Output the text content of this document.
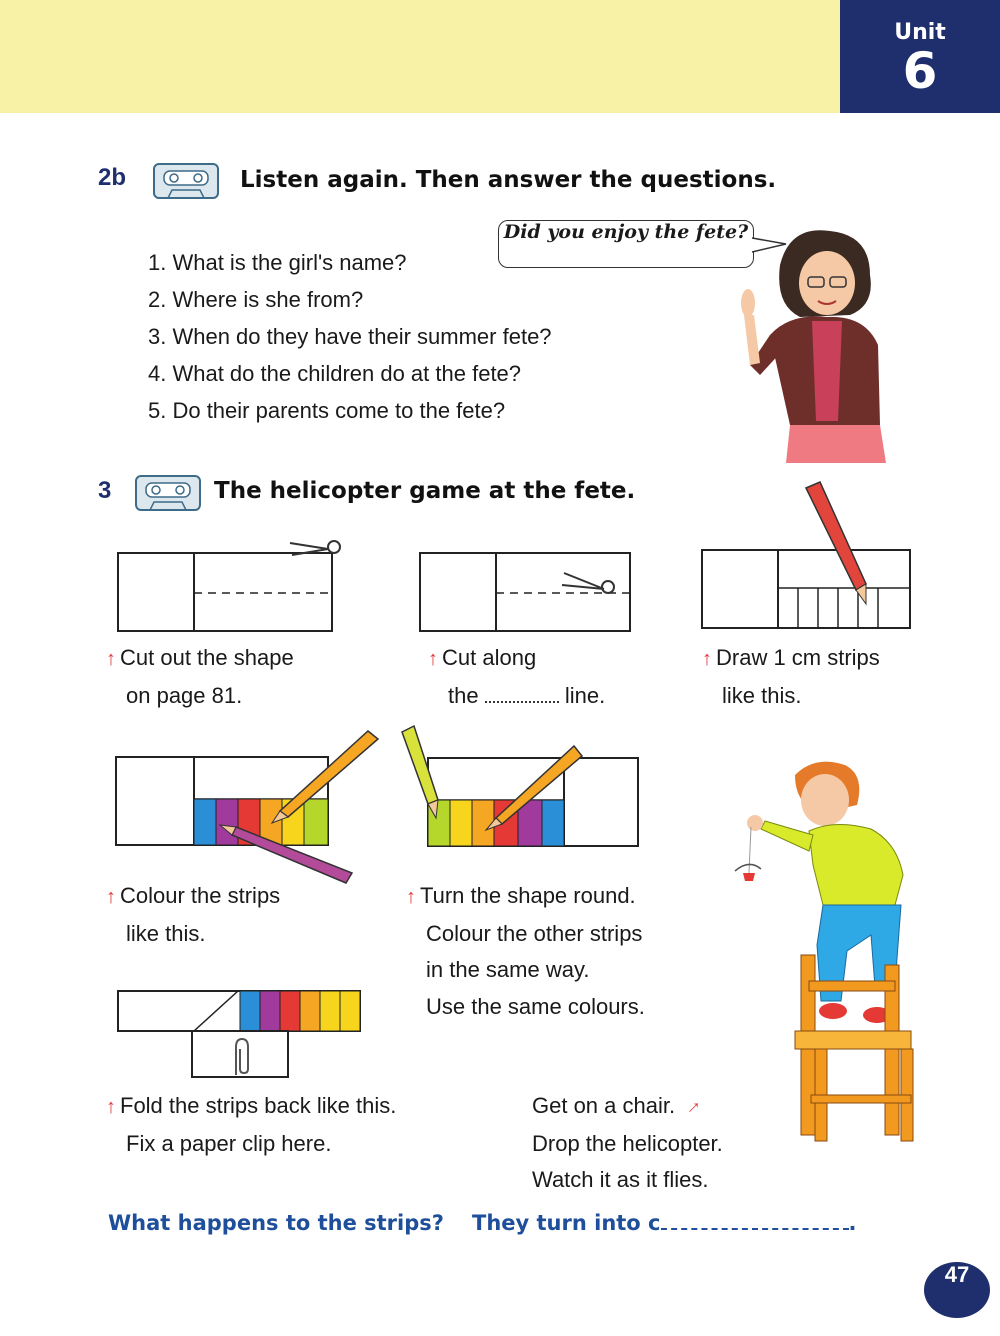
Unit
6
2b	Listen again. Then answer the questions.
1. What is the girl's name?
2. Where is she from?
3. When do they have their summer fete?
4. What do the children do at the fete?
5. Do their parents come to the fete?
Did you enjoy the fete?
3	The helicopter game at the fete.
↑ Cut out the shape
on page 81.
↑ Cut along
the	line.
↑ Draw 1 cm strips
like this.
↑ Colour the strips
like this.
↑ Turn the shape round.
Colour the other strips
in the same way.
Use the same colours.
↑ Fold the strips back like this.
Fix a paper clip here.
Get on a chair. ↑
Drop the helicopter.
Watch it as it flies.
What happens to the strips? They turn into c	.
47
